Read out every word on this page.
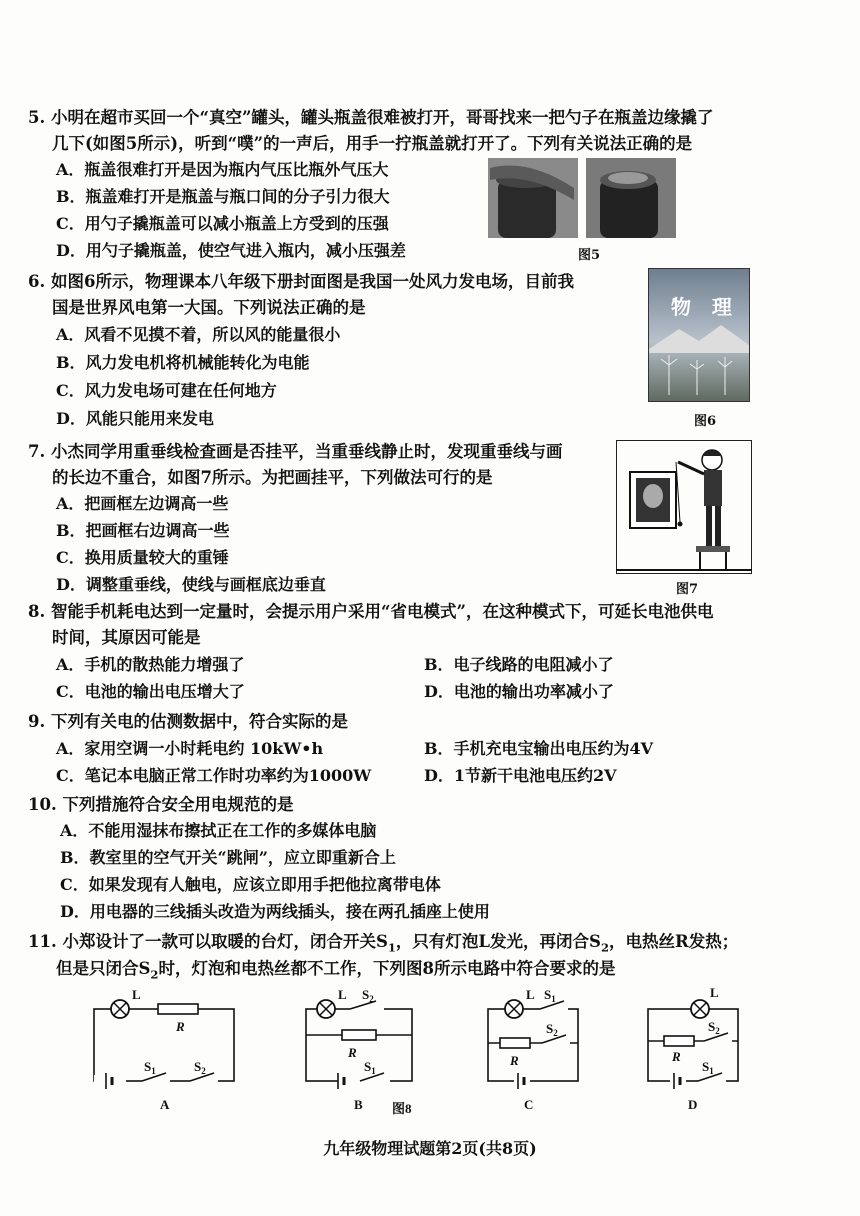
5. 小明在超市买回一个“真空”罐头，罐头瓶盖很难被打开，哥哥找来一把勺子在瓶盖边缘撬了
几下(如图5所示)，听到“噗”的一声后，用手一拧瓶盖就打开了。下列有关说法正确的是
A．瓶盖很难打开是因为瓶内气压比瓶外气压大
B．瓶盖难打开是瓶盖与瓶口间的分子引力很大
C．用勺子撬瓶盖可以减小瓶盖上方受到的压强
D．用勺子撬瓶盖，使空气进入瓶内，减小压强差	图5
6. 如图6所示，物理课本八年级下册封面图是我国一处风力发电场，目前我
国是世界风电第一大国。下列说法正确的是
A．风看不见摸不着，所以风的能量很小
B．风力发电机将机械能转化为电能
C．风力发电场可建在任何地方
D．风能只能用来发电
物   理
图6
7. 小杰同学用重垂线检查画是否挂平，当重垂线静止时，发现重垂线与画
的长边不重合，如图7所示。为把画挂平，下列做法可行的是
A．把画框左边调高一些
B．把画框右边调高一些
C．换用质量较大的重锤
D．调整重垂线，使线与画框底边垂直	图7
8. 智能手机耗电达到一定量时，会提示用户采用“省电模式”，在这种模式下，可延长电池供电
时间，其原因可能是
A．手机的散热能力增强了	B．电子线路的电阻减小了
C．电池的输出电压增大了	D．电池的输出功率减小了
9. 下列有关电的估测数据中，符合实际的是
A．家用空调一小时耗电约 10kW•h	B．手机充电宝输出电压约为4V
C．笔记本电脑正常工作时功率约为1000W	D．1节新干电池电压约2V
10. 下列措施符合安全用电规范的是
A．不能用湿抹布擦拭正在工作的多媒体电脑
B．教室里的空气开关“跳闸”，应立即重新合上
C．如果发现有人触电，应该立即用手把他拉离带电体
D．用电器的三线插头改造为两线插头，接在两孔插座上使用
11. 小郑设计了一款可以取暖的台灯，闭合开关$S_1$，只有灯泡L发光，再闭合$S_2$，电热丝R发热；
但是只闭合$S_2$时，灯泡和电热丝都不工作，下列图8所示电路中符合要求的是
L
R
$S_1$	$S_2$
A
L $S_2$
R
$S_1$
B
L $S_1$
$S_2$
R
C
L
$S_2$
R
$S_1$
D
图8
九年级物理试题第2页(共8页)
